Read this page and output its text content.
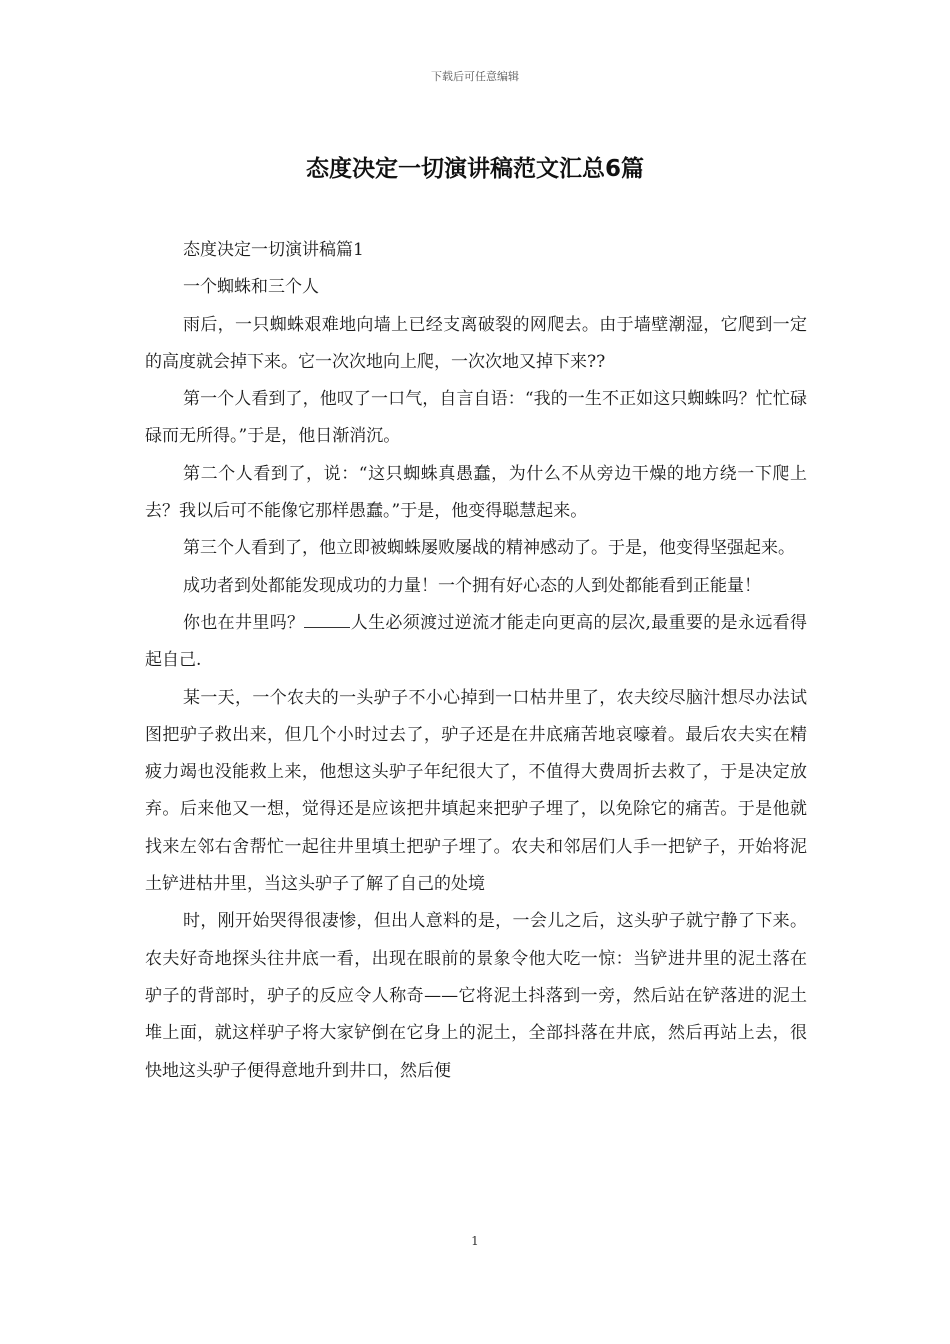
下载后可任意编辑
态度决定一切演讲稿范文汇总6篇

态度决定一切演讲稿篇1

一个蜘蛛和三个人

雨后，一只蜘蛛艰难地向墙上已经支离破裂的网爬去。由于墙壁潮湿，它爬到一定的高度就会掉下来。它一次次地向上爬，一次次地又掉下来??

第一个人看到了，他叹了一口气，自言自语：“我的一生不正如这只蜘蛛吗？忙忙碌碌而无所得。”于是，他日渐消沉。

第二个人看到了，说：“这只蜘蛛真愚蠢，为什么不从旁边干燥的地方绕一下爬上去？我以后可不能像它那样愚蠢。”于是，他变得聪慧起来。

第三个人看到了，他立即被蜘蛛屡败屡战的精神感动了。于是，他变得坚强起来。

成功者到处都能发现成功的力量！一个拥有好心态的人到处都能看到正能量！

你也在井里吗？	人生必须渡过逆流才能走向更高的层次,最重要的是永远看得起自己.

某一天，一个农夫的一头驴子不小心掉到一口枯井里了，农夫绞尽脑汁想尽办法试图把驴子救出来，但几个小时过去了，驴子还是在井底痛苦地哀嚎着。最后农夫实在精疲力竭也没能救上来，他想这头驴子年纪很大了，不值得大费周折去救了，于是决定放弃。后来他又一想，觉得还是应该把井填起来把驴子埋了，以免除它的痛苦。于是他就找来左邻右舍帮忙一起往井里填土把驴子埋了。农夫和邻居们人手一把铲子，开始将泥土铲进枯井里，当这头驴子了解了自己的处境

时，刚开始哭得很凄惨，但出人意料的是，一会儿之后，这头驴子就宁静了下来。农夫好奇地探头往井底一看，出现在眼前的景象令他大吃一惊：当铲进井里的泥土落在驴子的背部时，驴子的反应令人称奇——它将泥土抖落到一旁，然后站在铲落进的泥土堆上面，就这样驴子将大家铲倒在它身上的泥土，全部抖落在井底，然后再站上去，很快地这头驴子便得意地升到井口，然后便

1
